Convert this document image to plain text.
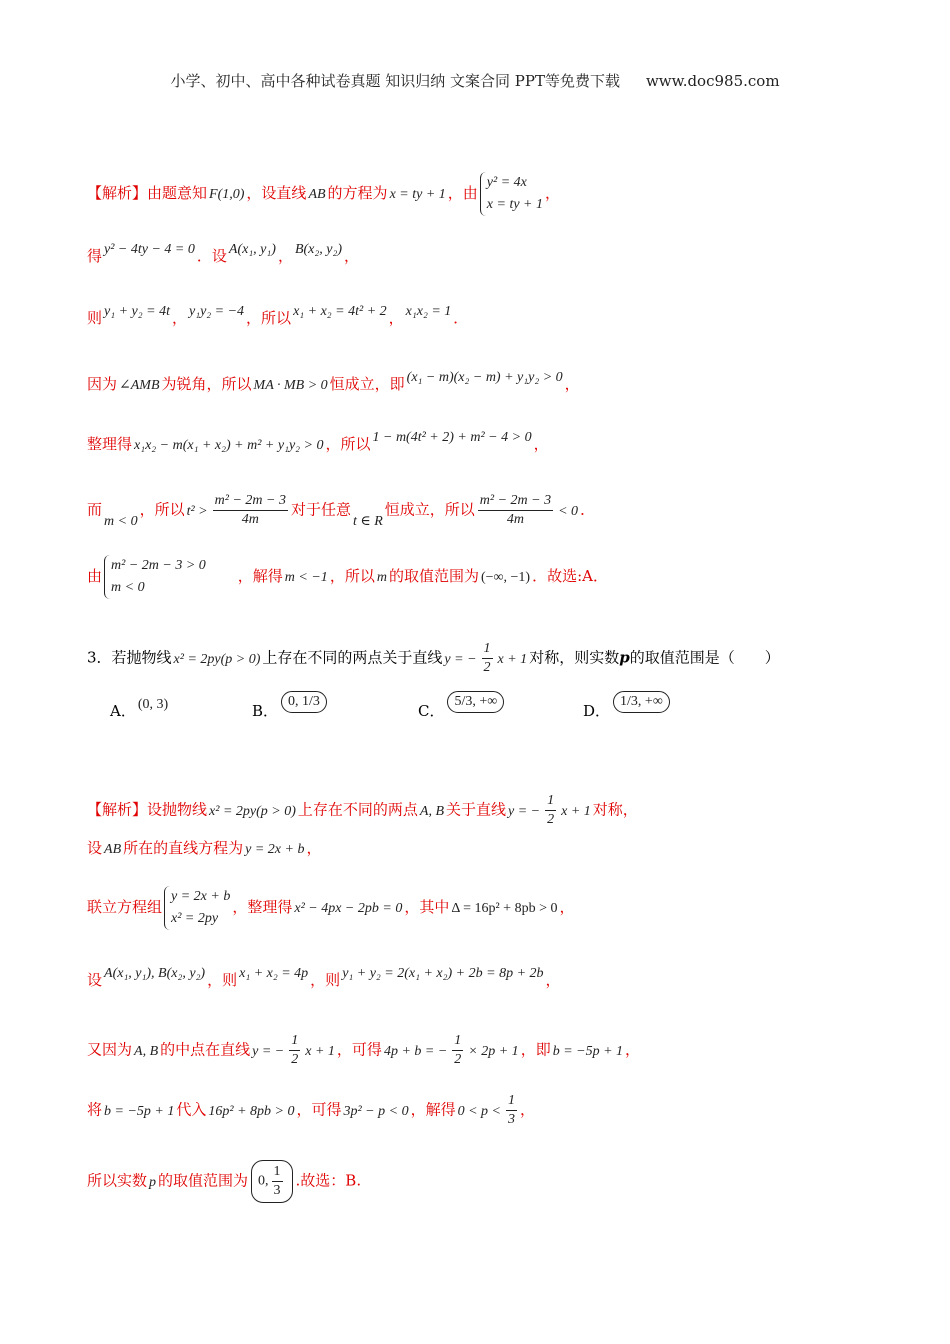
小学、初中、高中各种试卷真题 知识归纳 文案合同 PPT等免费下载 www.doc985.com
【解析】由题意知 F(1,0) ，设直线 AB 的方程为 x = ty + 1 ，由
y² = 4x
x = ty + 1
，
得 y² − 4ty − 4 = 0 ．设 A(x₁, y₁) ， B(x₂, y₂) ，
则 y₁ + y₂ = 4t ， y₁y₂ = −4 ，所以 x₁ + x₂ = 4t² + 2 ， x₁x₂ = 1 ．
因为 ∠AMB 为锐角，所以 MA · MB > 0 恒成立，即 (x₁ − m)(x₂ − m) + y₁y₂ > 0 ，
整理得 x₁x₂ − m(x₁ + x₂) + m² + y₁y₂ > 0 ，所以 1 − m(4t² + 2) + m² − 4 > 0 ，
而m < 0，所以 $t^2 > \frac{\text{m² − 2m − 3}}{4m}$ 对于任意t ∈ R恒成立，所以 $\frac{\text{m² − 2m − 3}}{4m} < 0$ ．
由
m² − 2m − 3 > 0
m < 0
，解得 m < −1 ，所以 m 的取值范围为 (−∞, −1) ．故选:A．
3．若抛物线 x² = 2py(p > 0) 上存在不同的两点关于直线 y = − $\frac{1}{2}$ x + 1 对称，则实数p的取值范围是（　　）
A． (0, 3)	B．0, 1/3
C．5/3, +∞
D．1/3, +∞
【解析】设抛物线 x² = 2py(p > 0) 上存在不同的两点 A, B 关于直线 y = − $\frac{1}{2}$ x + 1 对称，
设 AB 所在的直线方程为 y = 2x + b ，
联立方程组
y = 2x + b
x² = 2py
，整理得 x² − 4px − 2pb = 0 ，其中 Δ = 16p² + 8pb > 0 ，
设 A(x₁, y₁), B(x₂, y₂) ，则 x₁ + x₂ = 4p ，则 y₁ + y₂ = 2(x₁ + x₂) + 2b = 8p + 2b ，
又因为 A, B 的中点在直线 y = − $\frac{1}{2}$ x + 1 ，可得 4p + b = − $\frac{1}{2} \times 2p + 1$ ，即 b = −5p + 1 ，
将 b = −5p + 1 代入 16p² + 8pb > 0 ，可得 3p² − p < 0 ，解得 $0 < p < \frac{1}{3}$ ，
所以实数 p 的取值范围为 0, $\frac{1}{3}$ .故选：B.
